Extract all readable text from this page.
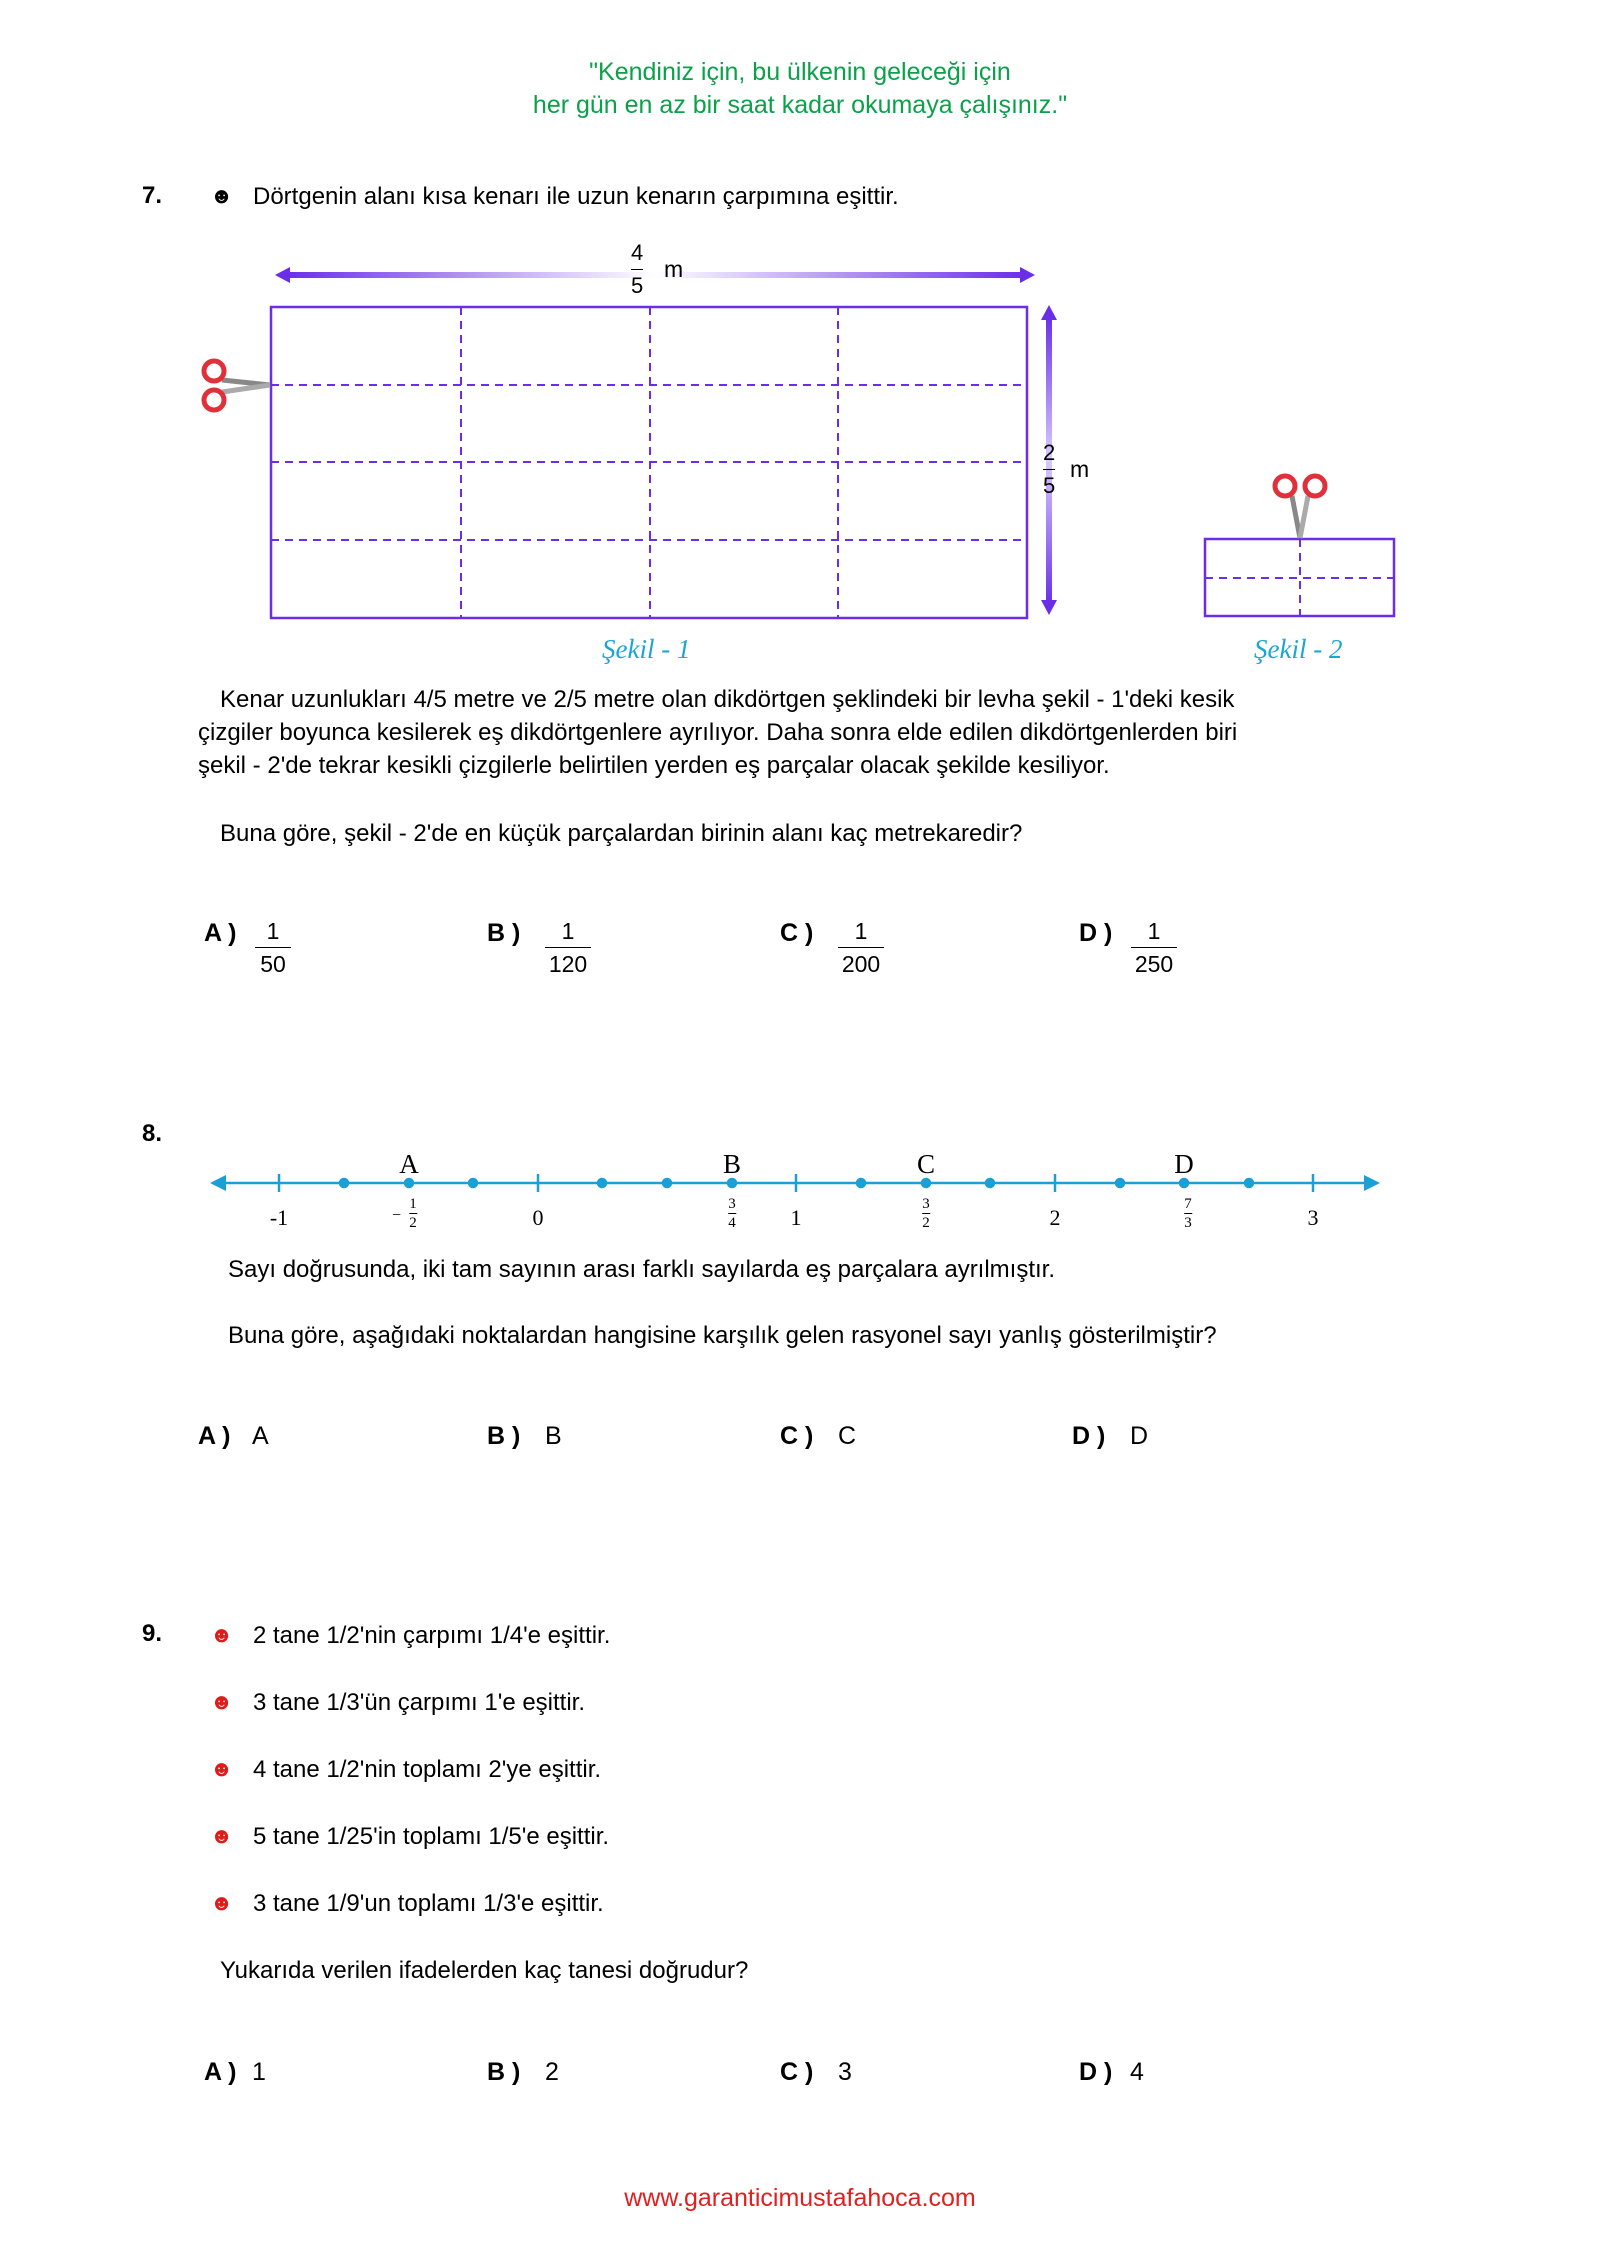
"Kendiniz için, bu ülkenin geleceği için
her gün en az bir saat kadar okumaya çalışınız."
7. ☻ Dörtgenin alanı kısa kenarı ile uzun kenarın çarpımına eşittir.
4
5
m
2
5
m
Şekil - 1	Şekil - 2
Kenar uzunlukları 4/5 metre ve 2/5 metre olan dikdörtgen şeklindeki bir levha şekil - 1'deki kesik
çizgiler boyunca kesilerek eş dikdörtgenlere ayrılıyor. Daha sonra elde edilen dikdörtgenlerden biri
şekil - 2'de tekrar kesikli çizgilerle belirtilen yerden eş parçalar olacak şekilde kesiliyor.
Buna göre, şekil - 2'de en küçük parçalardan birinin alanı kaç metrekaredir?
A ) 1
50
B ) 1
120
C ) 1
200
D ) 1
250
8.
A	B	C	D
-1	0	1	2	3
−
1
2
3
4
3
2
7
3
Sayı doğrusunda, iki tam sayının arası farklı sayılarda eş parçalara ayrılmıştır.
Buna göre, aşağıdaki noktalardan hangisine karşılık gelen rasyonel sayı yanlış gösterilmiştir?
A ) A	B ) B	C ) C	D ) D
9. ☻ 2 tane 1/2'nin çarpımı 1/4'e eşittir.
☻ 3 tane 1/3'ün çarpımı 1'e eşittir.
☻ 4 tane 1/2'nin toplamı 2'ye eşittir.
☻ 5 tane 1/25'in toplamı 1/5'e eşittir.
☻ 3 tane 1/9'un toplamı 1/3'e eşittir.
Yukarıda verilen ifadelerden kaç tanesi doğrudur?
A ) 1	B ) 2	C ) 3	D ) 4
www.garanticimustafahoca.com
